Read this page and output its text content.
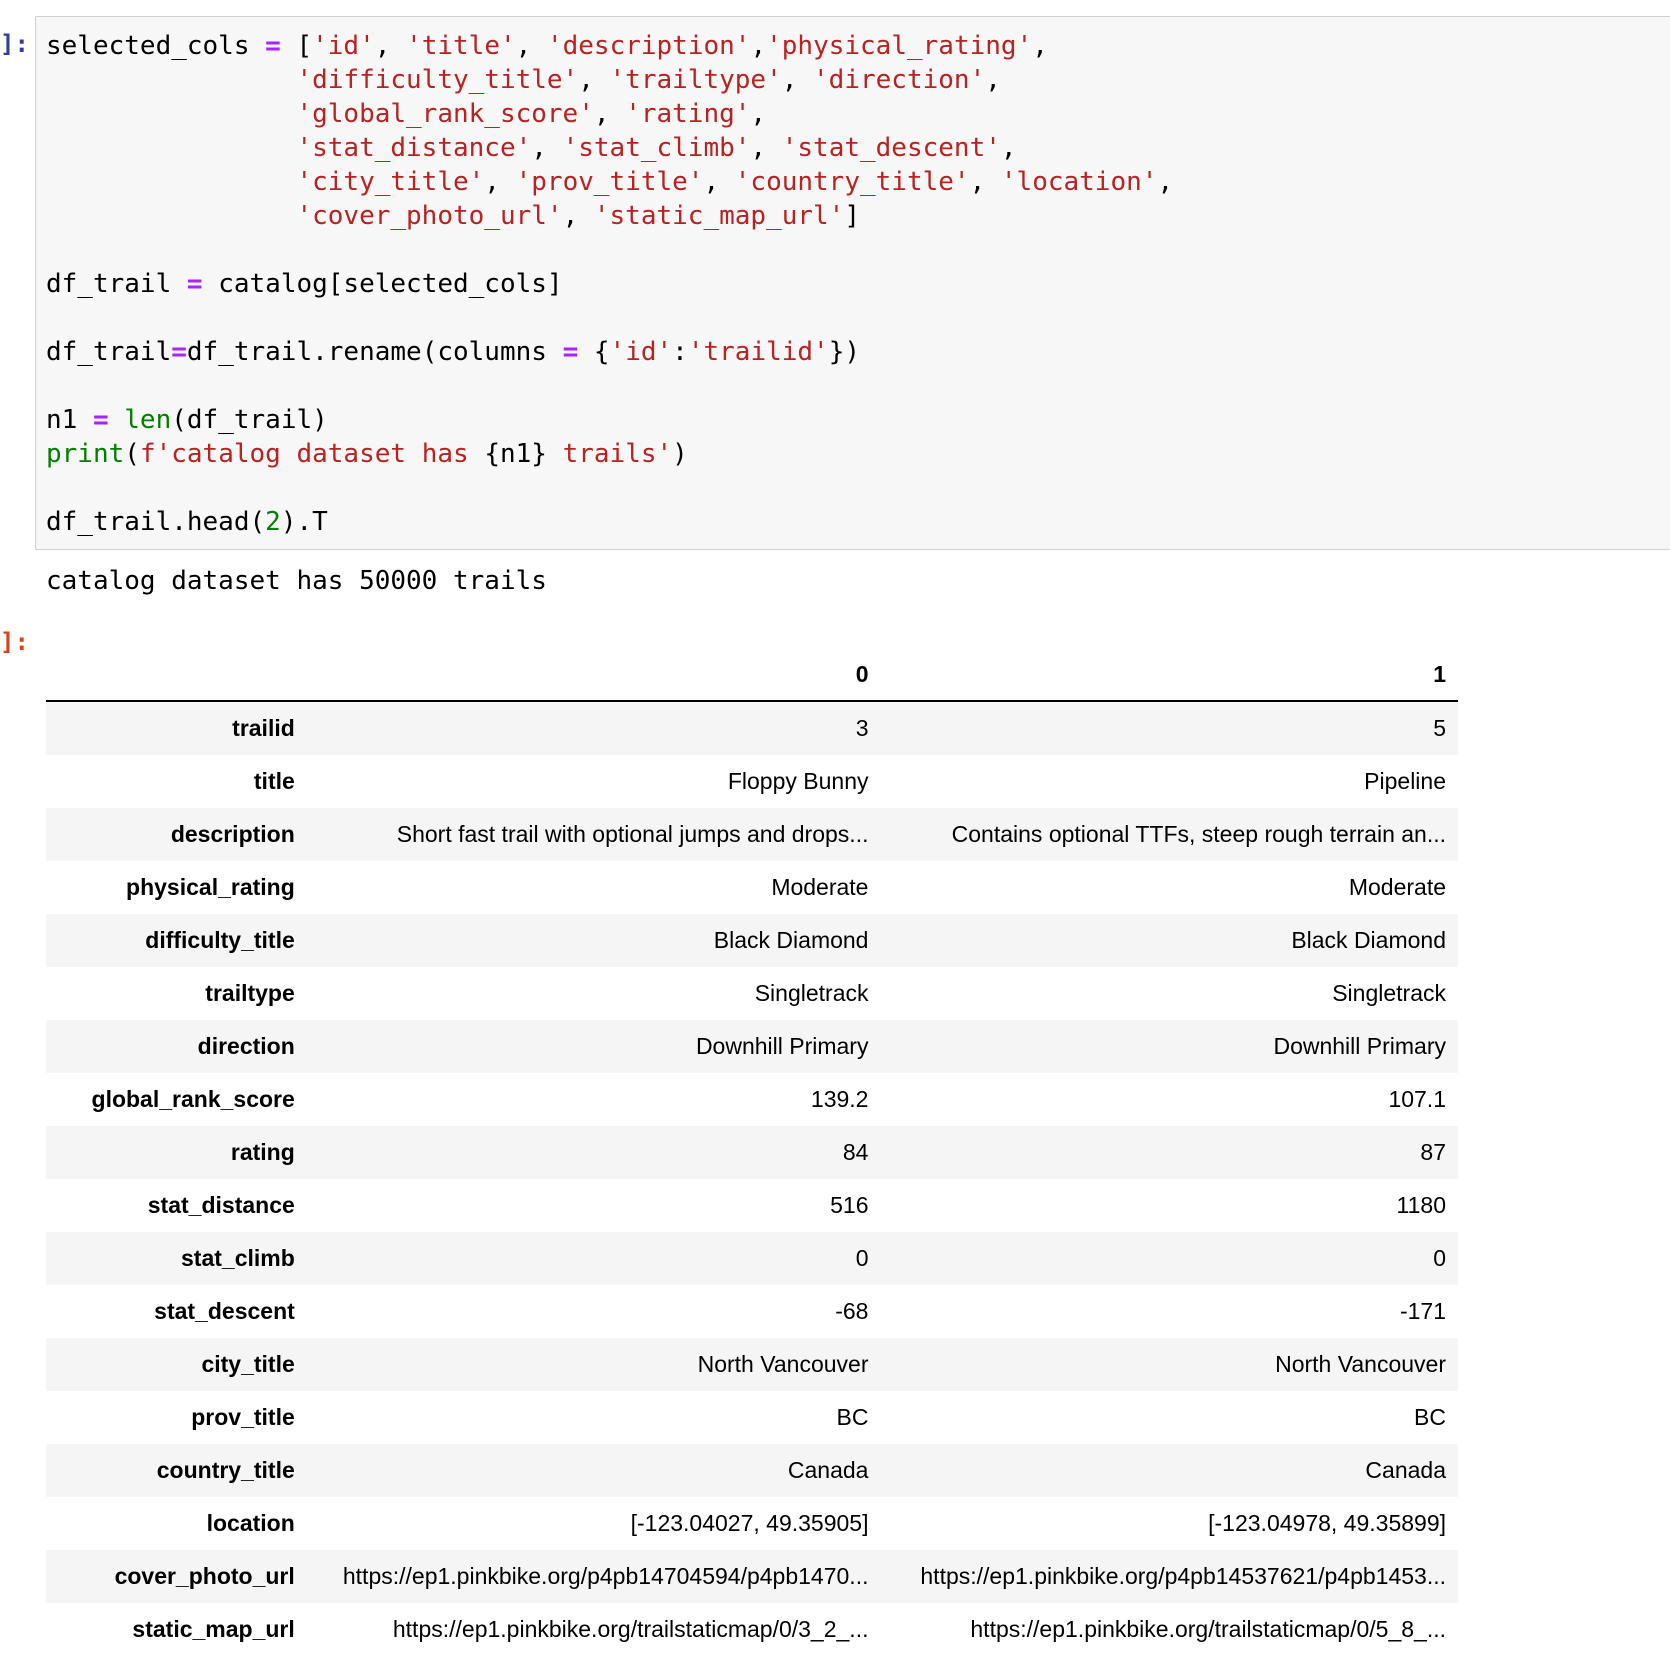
]: selected_cols = ['id', 'title', 'description','physical_rating',
'difficulty_title', 'trailtype', 'direction',
'global_rank_score', 'rating',
'stat_distance', 'stat_climb', 'stat_descent',
'city_title', 'prov_title', 'country_title', 'location',
'cover_photo_url', 'static_map_url']
df_trail = catalog[selected_cols]
df_trail=df_trail.rename(columns = {'id':'trailid'})
n1 = len(df_trail)
print(f'catalog dataset has {n1} trails')
df_trail.head(2).T
catalog dataset has 50000 trails
]:
	0	1
trailid	3	5
title	Floppy Bunny	Pipeline
description	Short fast trail with optional jumps and drops...	Contains optional TTFs, steep rough terrain an...
physical_rating	Moderate	Moderate
difficulty_title	Black Diamond	Black Diamond
trailtype	Singletrack	Singletrack
direction	Downhill Primary	Downhill Primary
global_rank_score	139.2	107.1
rating	84	87
stat_distance	516	1180
stat_climb	0	0
stat_descent	-68	-171
city_title	North Vancouver	North Vancouver
prov_title	BC	BC
country_title	Canada	Canada
location	[-123.04027, 49.35905]	[-123.04978, 49.35899]
cover_photo_url	https://ep1.pinkbike.org/p4pb14704594/p4pb1470...	https://ep1.pinkbike.org/p4pb14537621/p4pb1453...
static_map_url	https://ep1.pinkbike.org/trailstaticmap/0/3_2_...	https://ep1.pinkbike.org/trailstaticmap/0/5_8_...
